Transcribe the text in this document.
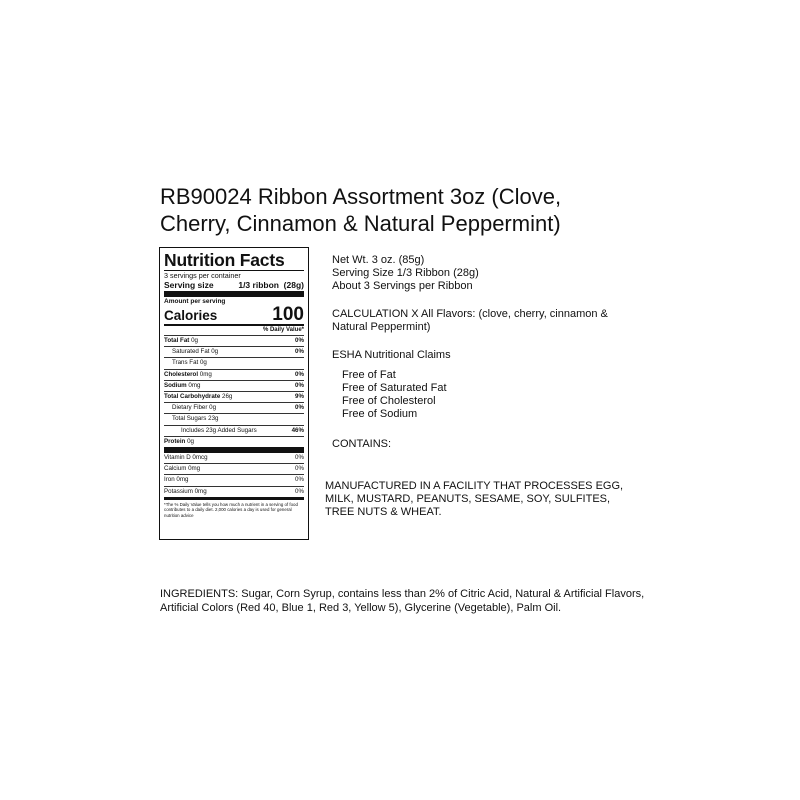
RB90024 Ribbon Assortment 3oz (Clove,
Cherry, Cinnamon & Natural Peppermint)
Nutrition Facts
3 servings per container
Serving size	1/3 ribbon  (28g)
Amount per serving
Calories	100
% Daily Value*
Total Fat 0g	0%
Saturated Fat 0g	0%
Trans Fat 0g
Cholesterol 0mg	0%
Sodium 0mg	0%
Total Carbohydrate 26g	9%
Dietary Fiber 0g	0%
Total Sugars 23g
Includes 23g Added Sugars	46%
Protein 0g
Vitamin D 0mcg	0%
Calcium 0mg	0%
Iron 0mg	0%
Potassium 0mg	0%
*The % Daily Value tells you how much a nutrient in a serving of food contributes to a daily diet. 2,000 calories a day is used for general nutrition advice
Net Wt. 3 oz. (85g)
Serving Size 1/3 Ribbon (28g)
About 3 Servings per Ribbon
CALCULATION X All Flavors: (clove, cherry, cinnamon &
Natural Peppermint)
ESHA Nutritional Claims
Free of Fat
Free of Saturated Fat
Free of Cholesterol
Free of Sodium
CONTAINS:
MANUFACTURED IN A FACILITY THAT PROCESSES EGG,
MILK, MUSTARD, PEANUTS, SESAME, SOY, SULFITES,
TREE NUTS & WHEAT.
INGREDIENTS: Sugar, Corn Syrup, contains less than 2% of Citric Acid, Natural & Artificial Flavors, Artificial Colors (Red 40, Blue 1, Red 3, Yellow 5), Glycerine (Vegetable), Palm Oil.
